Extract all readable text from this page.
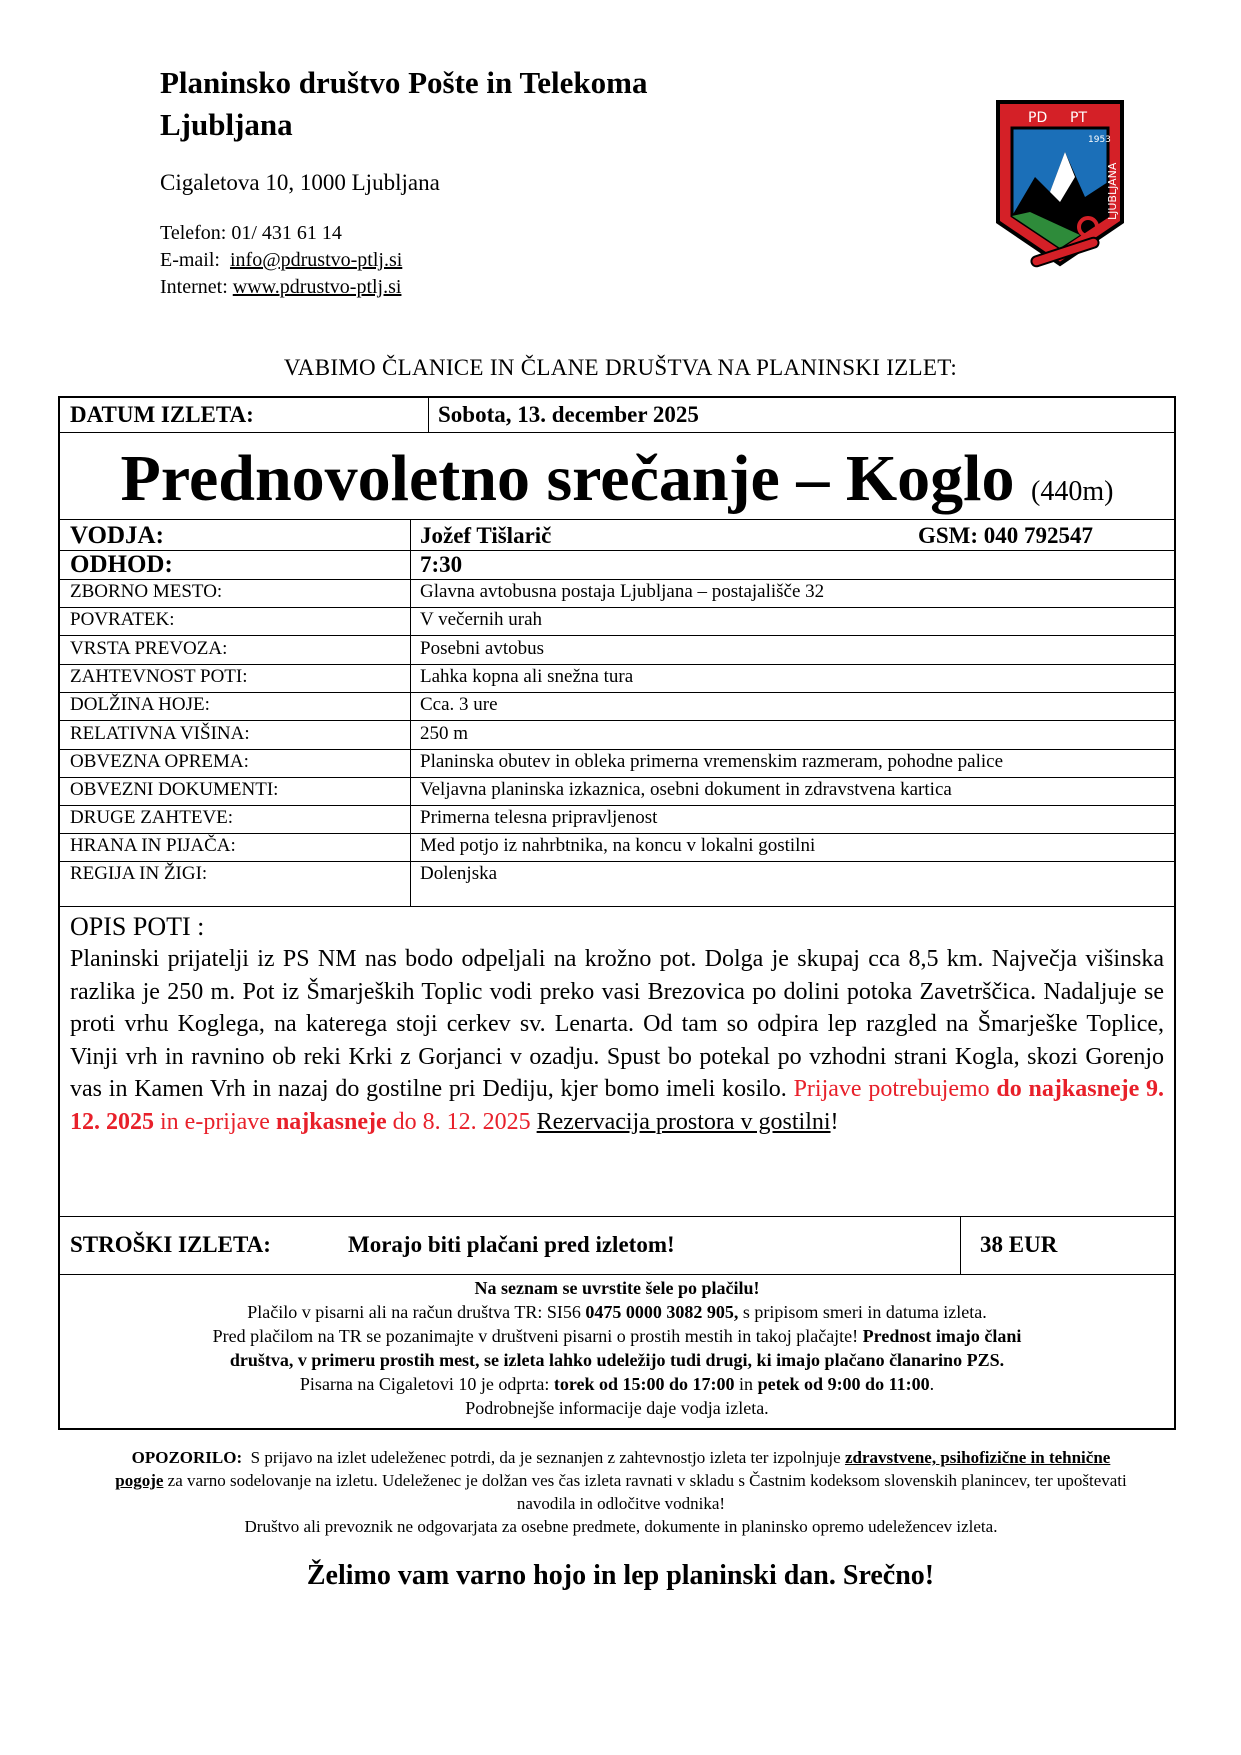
Planinsko društvo Pošte in Telekoma
Ljubljana
Cigaletova 10, 1000 Ljubljana
Telefon: 01/ 431 61 14
E-mail: info@pdrustvo-ptlj.si
Internet: www.pdrustvo-ptlj.si
PD PT
1953
LJUBLJANA
VABIMO ČLANICE IN ČLANE DRUŠTVA NA PLANINSKI IZLET:
DATUM IZLETA:	Sobota, 13. december 2025
Prednovoletno srečanje – Koglo (440m)
VODJA:	Jožef Tišlarič	GSM: 040 792547
ODHOD:	7:30
ZBORNO MESTO:	Glavna avtobusna postaja Ljubljana – postajališče 32
POVRATEK:	V večernih urah
VRSTA PREVOZA:	Posebni avtobus
ZAHTEVNOST POTI:	Lahka kopna ali snežna tura
DOLŽINA HOJE:	Cca. 3 ure
RELATIVNA VIŠINA:	250 m
OBVEZNA OPREMA:	Planinska obutev in obleka primerna vremenskim razmeram, pohodne palice
OBVEZNI DOKUMENTI:	Veljavna planinska izkaznica, osebni dokument in zdravstvena kartica
DRUGE ZAHTEVE:	Primerna telesna pripravljenost
HRANA IN PIJAČA:	Med potjo iz nahrbtnika, na koncu v lokalni gostilni
REGIJA IN ŽIGI:	Dolenjska
OPIS POTI :
Planinski prijatelji iz PS NM nas bodo odpeljali na krožno pot. Dolga je skupaj cca 8,5 km. Največja višinska razlika je 250 m. Pot iz Šmarjeških Toplic vodi preko vasi Brezovica po dolini potoka Zavetrščica. Nadaljuje se proti vrhu Koglega, na katerega stoji cerkev sv. Lenarta. Od tam so odpira lep razgled na Šmarješke Toplice, Vinji vrh in ravnino ob reki Krki z Gorjanci v ozadju. Spust bo potekal po vzhodni strani Kogla, skozi Gorenjo vas in Kamen Vrh in nazaj do gostilne pri Dediju, kjer bomo imeli kosilo. Prijave potrebujemo do najkasneje 9. 12. 2025 in e-prijave najkasneje do 8. 12. 2025 Rezervacija prostora v gostilni!
STROŠKI IZLETA:	Morajo biti plačani pred izletom!	38 EUR
Na seznam se uvrstite šele po plačilu!
Plačilo v pisarni ali na račun društva TR: SI56 0475 0000 3082 905, s pripisom smeri in datuma izleta.
Pred plačilom na TR se pozanimajte v društveni pisarni o prostih mestih in takoj plačajte! Prednost imajo člani
društva, v primeru prostih mest, se izleta lahko udeležijo tudi drugi, ki imajo plačano članarino PZS.
Pisarna na Cigaletovi 10 je odprta: torek od 15:00 do 17:00 in petek od 9:00 do 11:00.
Podrobnejše informacije daje vodja izleta.
OPOZORILO: S prijavo na izlet udeleženec potrdi, da je seznanjen z zahtevnostjo izleta ter izpolnjuje zdravstvene, psihofizične in tehnične pogoje za varno sodelovanje na izletu. Udeleženec je dolžan ves čas izleta ravnati v skladu s Častnim kodeksom slovenskih planincev, ter upoštevati navodila in odločitve vodnika!
Društvo ali prevoznik ne odgovarjata za osebne predmete, dokumente in planinsko opremo udeležencev izleta.
Želimo vam varno hojo in lep planinski dan. Srečno!
